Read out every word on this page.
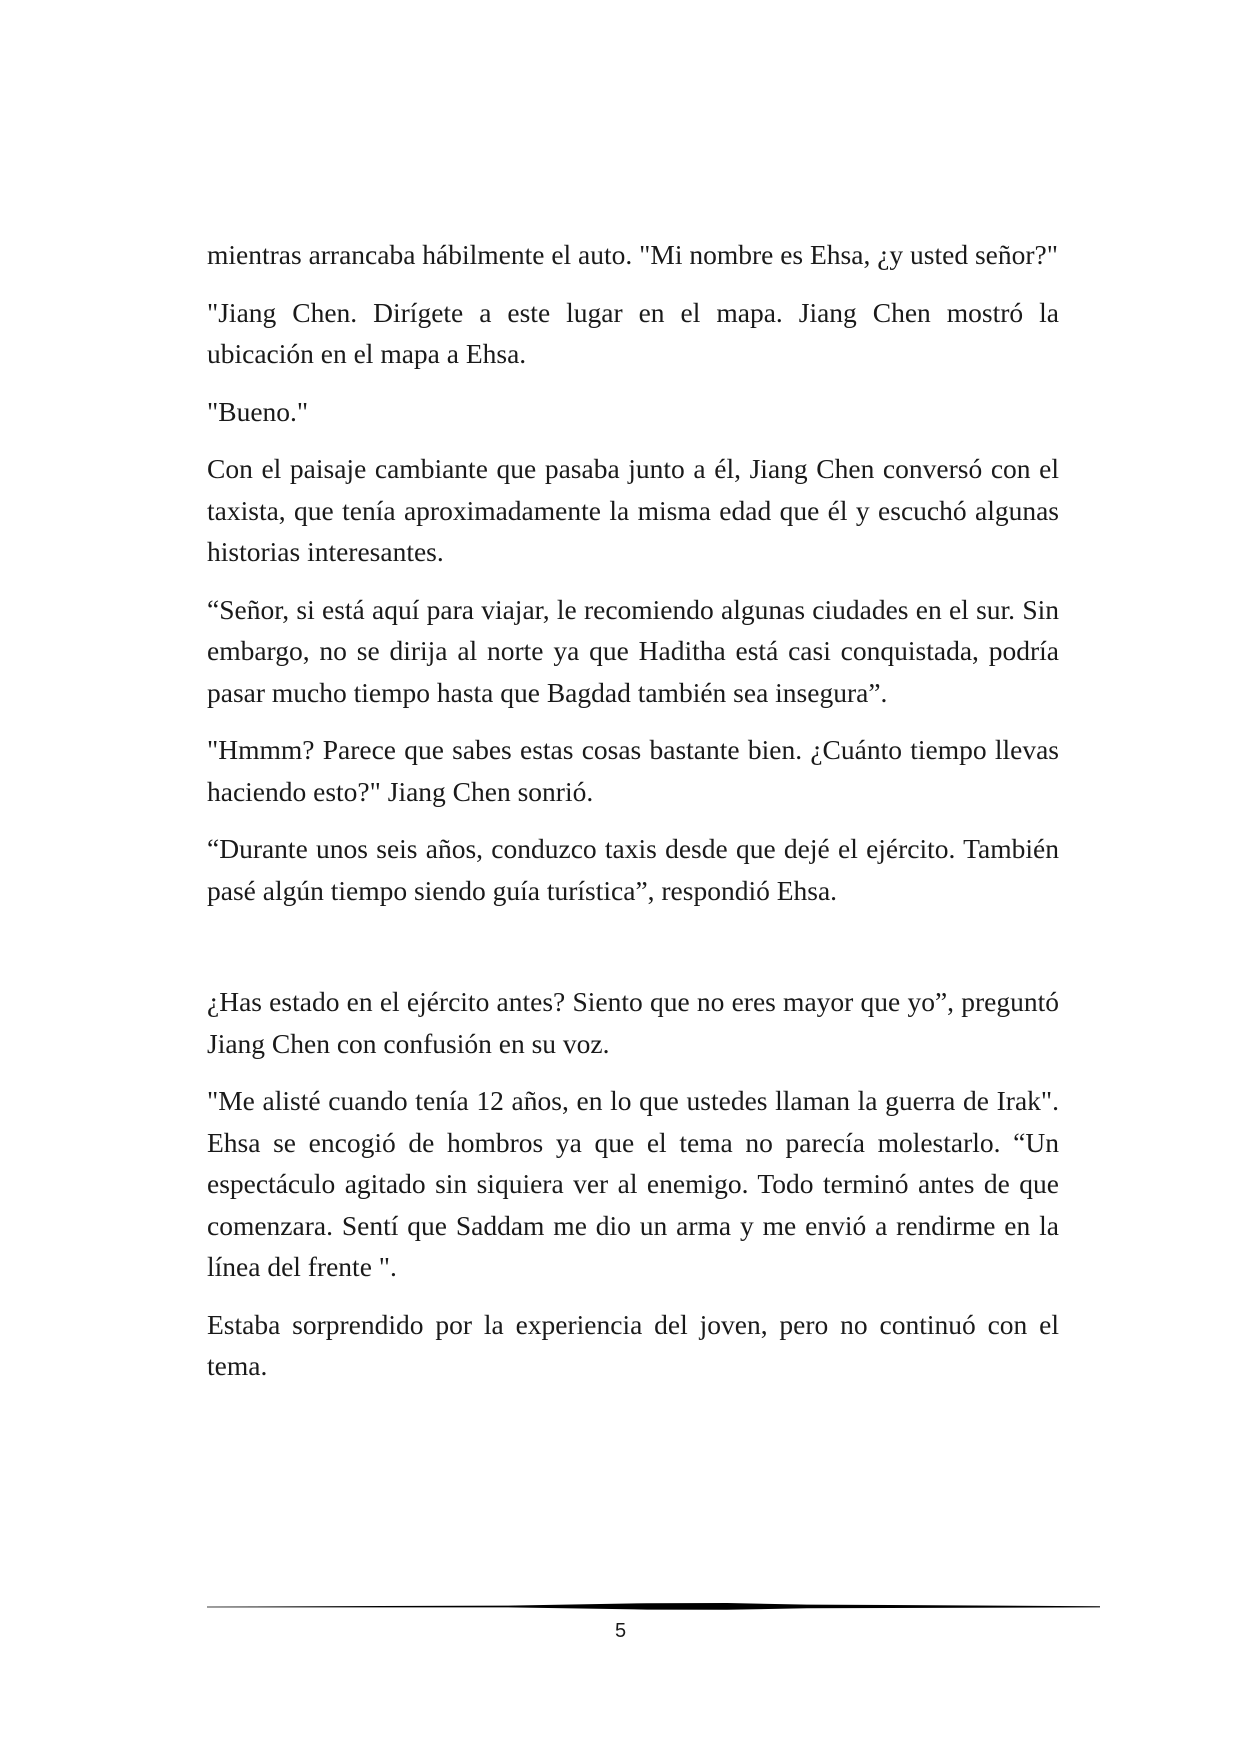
mientras arrancaba hábilmente el auto. "Mi nombre es Ehsa, ¿y usted señor?"

"Jiang Chen. Dirígete a este lugar en el mapa. Jiang Chen mostró la ubicación en el mapa a Ehsa.

"Bueno."

Con el paisaje cambiante que pasaba junto a él, Jiang Chen conversó con el taxista, que tenía aproximadamente la misma edad que él y escuchó algunas historias interesantes.

“Señor, si está aquí para viajar, le recomiendo algunas ciudades en el sur. Sin embargo, no se dirija al norte ya que Haditha está casi conquistada, podría pasar mucho tiempo hasta que Bagdad también sea insegura”.

"Hmmm? Parece que sabes estas cosas bastante bien. ¿Cuánto tiempo llevas haciendo esto?" Jiang Chen sonrió.

“Durante unos seis años, conduzco taxis desde que dejé el ejército. También pasé algún tiempo siendo guía turística”, respondió Ehsa.

¿Has estado en el ejército antes? Siento que no eres mayor que yo”, preguntó Jiang Chen con confusión en su voz.

"Me alisté cuando tenía 12 años, en lo que ustedes llaman la guerra de Irak". Ehsa se encogió de hombros ya que el tema no parecía molestarlo. “Un espectáculo agitado sin siquiera ver al enemigo. Todo terminó antes de que comenzara. Sentí que Saddam me dio un arma y me envió a rendirme en la línea del frente ".

Estaba sorprendido por la experiencia del joven, pero no continuó con el tema.

5
